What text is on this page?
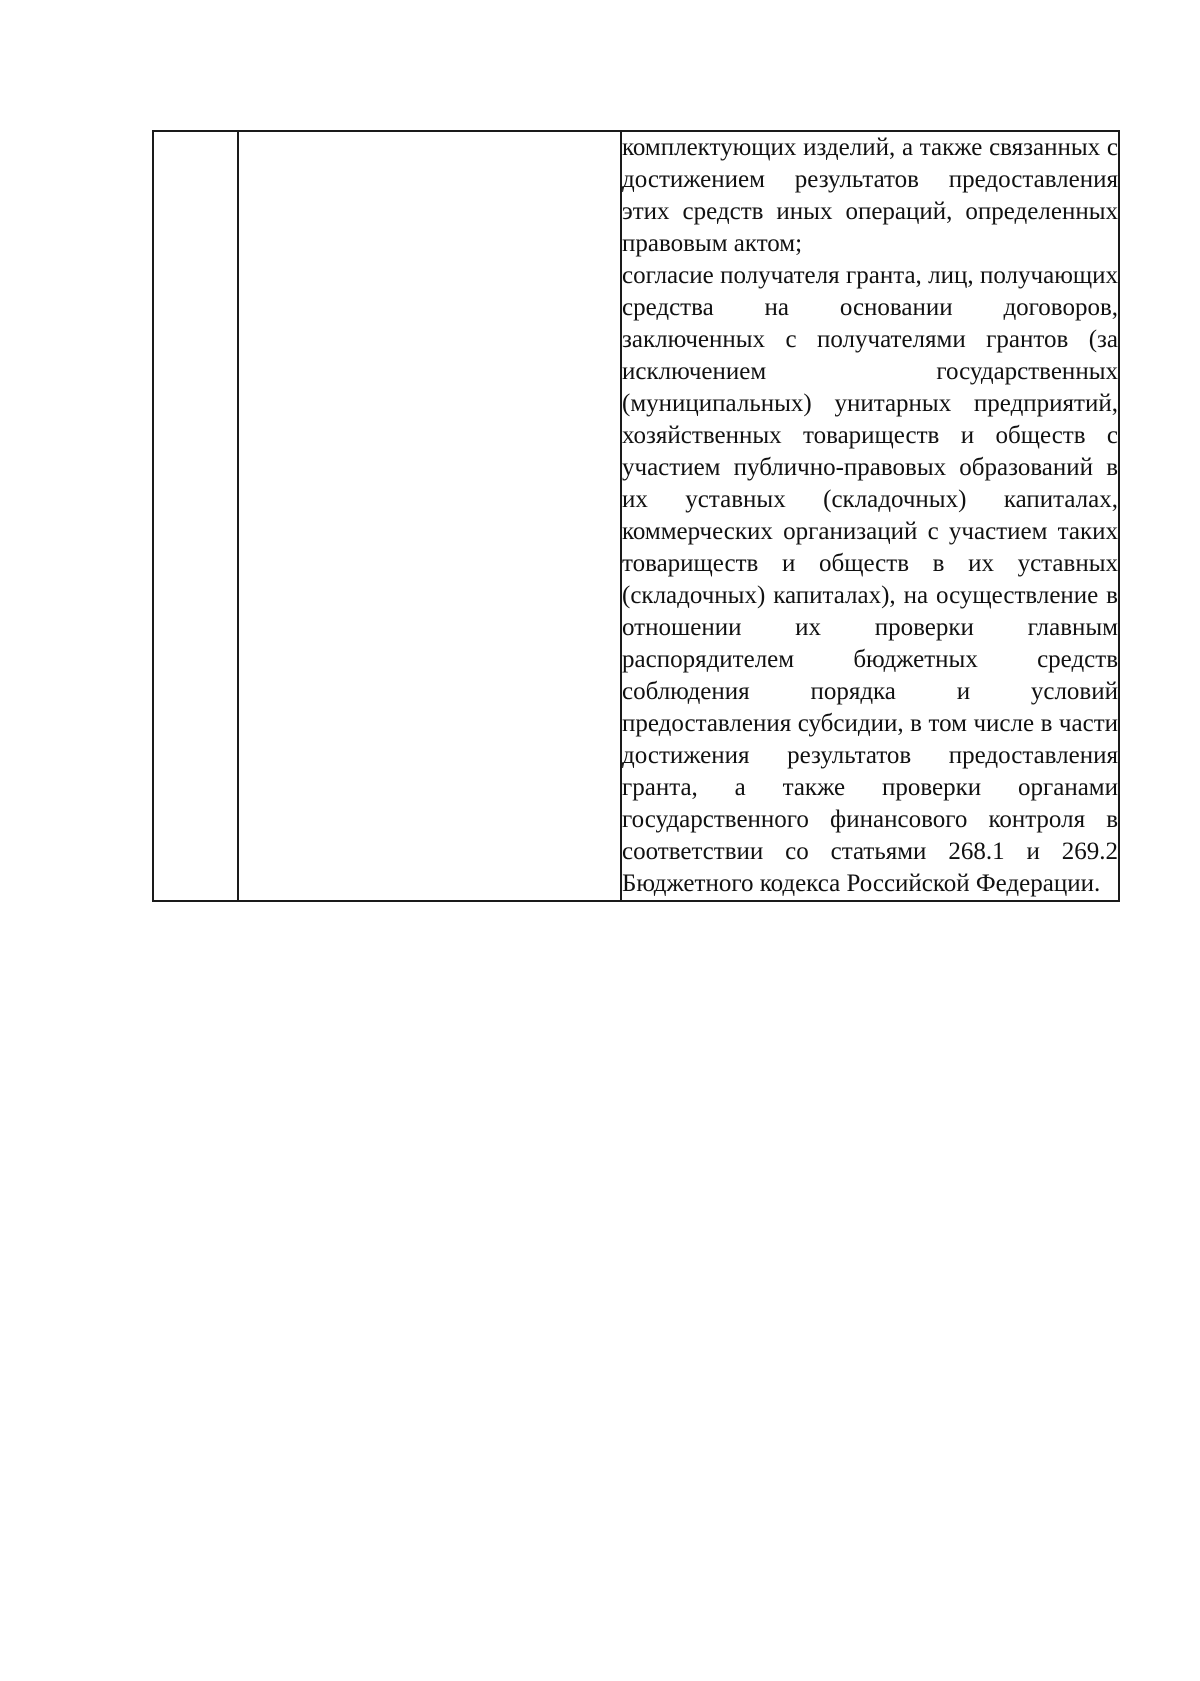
комплектующих изделий, а также связанных с достижением результатов предоставления этих средств иных операций, определенных правовым актом;

согласие получателя гранта, лиц, получающих средства на основании договоров, заключенных с получателями грантов (за исключением государственных (муниципальных) унитарных предприятий, хозяйственных товариществ и обществ с участием публично-правовых образований в их уставных (складочных) капиталах, коммерческих организаций с участием таких товариществ и обществ в их уставных (складочных) капиталах), на осуществление в отношении их проверки главным распорядителем бюджетных средств соблюдения порядка и условий предоставления субсидии, в том числе в части достижения результатов предоставления гранта, а также проверки органами государственного финансового контроля в соответствии со статьями 268.1 и 269.2 Бюджетного кодекса Российской Федерации.
